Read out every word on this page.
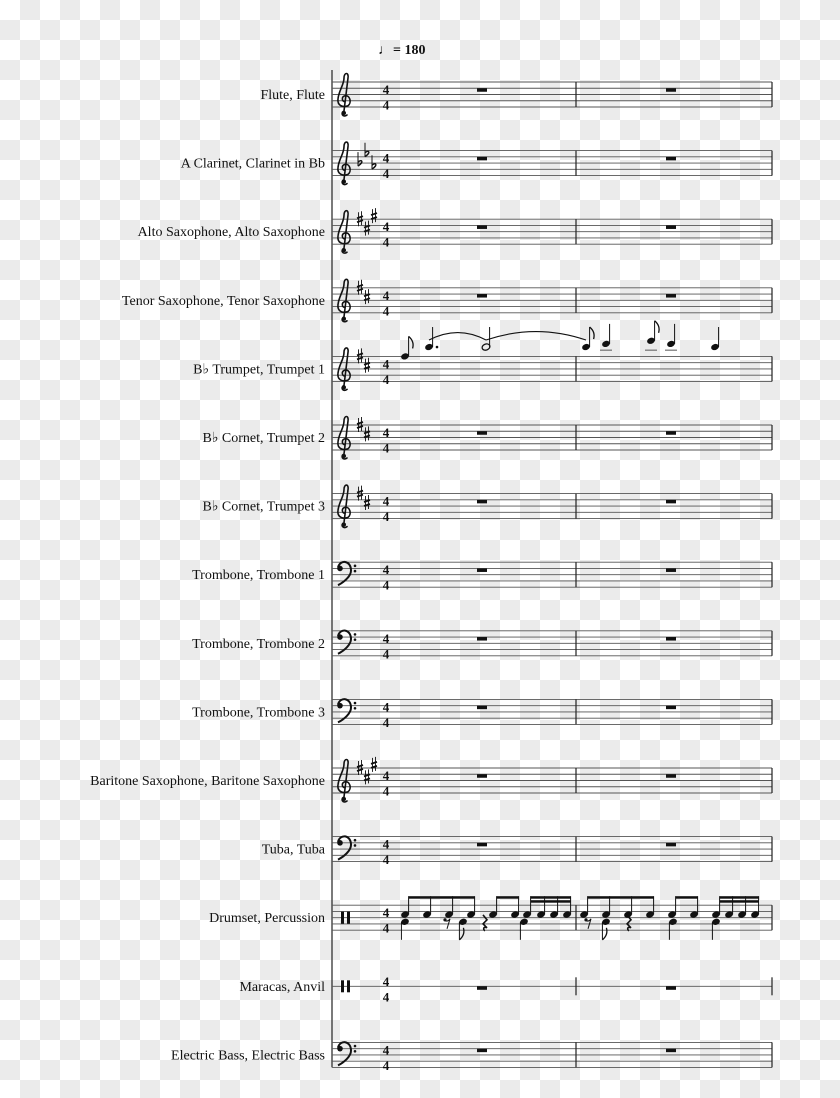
♩ = 180
Flute, Flute	4
4
A Clarinet, Clarinet in Bb	4
4
Alto Saxophone, Alto Saxophone	4
4
Tenor Saxophone, Tenor Saxophone	4
4
B♭ Trumpet, Trumpet 1	4
4
B♭ Cornet, Trumpet 2	4
4
B♭ Cornet, Trumpet 3	4
4
Trombone, Trombone 1	4
4
Trombone, Trombone 2	4
4
Trombone, Trombone 3	4
4
Baritone Saxophone, Baritone Saxophone	4
4
Tuba, Tuba	4
4
Drumset, Percussion	4
4
Maracas, Anvil	4
4
Electric Bass, Electric Bass	4
4
